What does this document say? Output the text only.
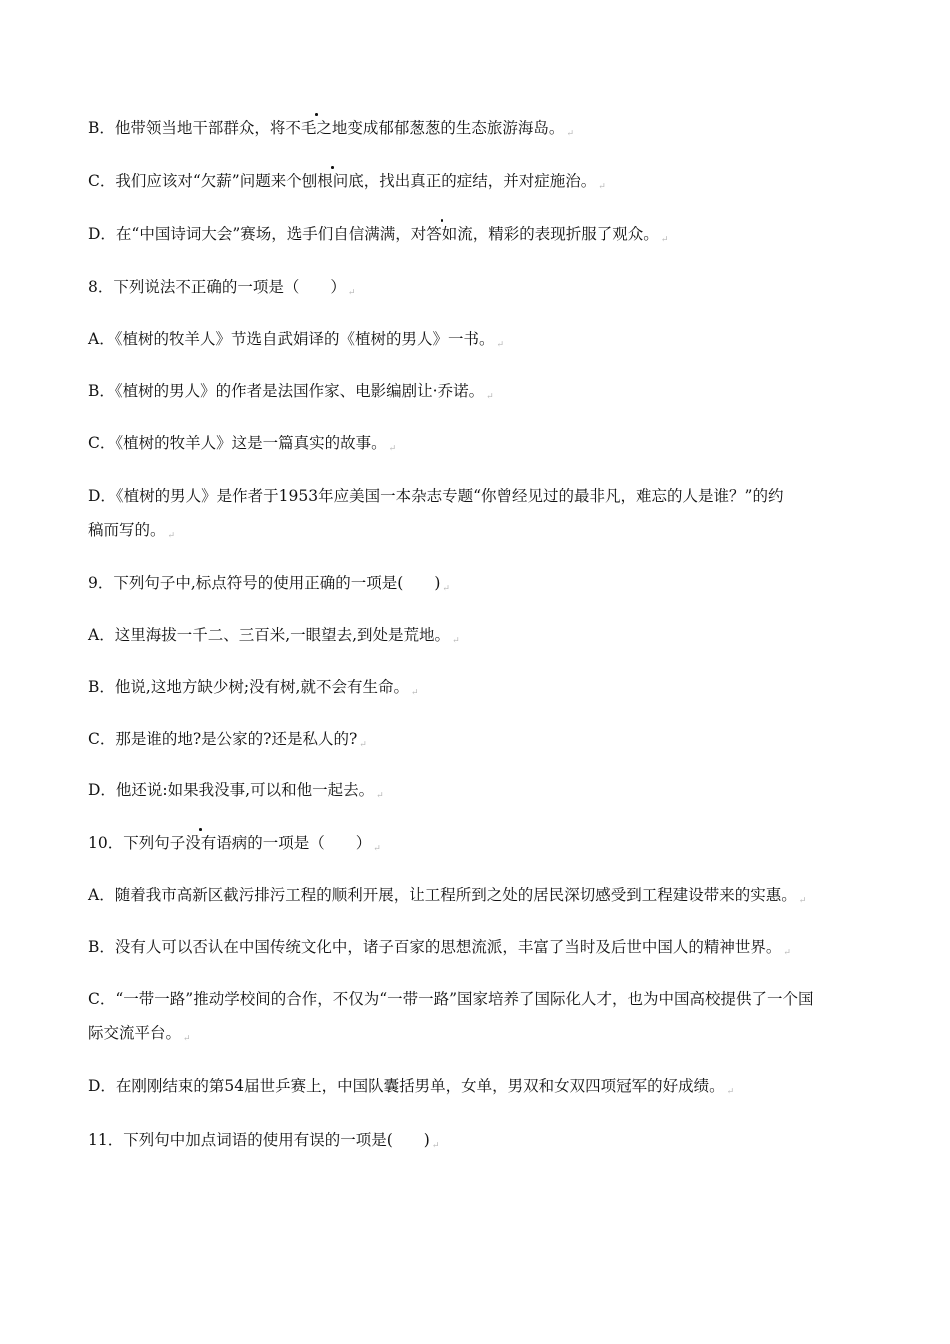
B．他带领当地干部群众，将不毛之地变成郁郁葱葱的生态旅游海岛。 ↵
C．我们应该对“欠薪”问题来个刨根问底，找出真正的症结，并对症施治。 ↵
D．在“中国诗词大会”赛场，选手们自信满满，对答如流，精彩的表现折服了观众。 ↵
8．下列说法不正确的一项是（　　） ↵
A．《植树的牧羊人》节选自武娟译的《植树的男人》一书。 ↵
B．《植树的男人》的作者是法国作家、电影编剧让·乔诺。 ↵
C．《植树的牧羊人》这是一篇真实的故事。 ↵
D．《植树的男人》是作者于1953年应美国一本杂志专题“你曾经见过的最非凡，难忘的人是谁？”的约
稿而写的。 ↵
9．下列句子中,标点符号的使用正确的一项是(　　) ↵
A．这里海拔一千二、三百米,一眼望去,到处是荒地。 ↵
B．他说,这地方缺少树;没有树,就不会有生命。 ↵
C．那是谁的地?是公家的?还是私人的? ↵
D．他还说:如果我没事,可以和他一起去。 ↵
10．下列句子没有语病的一项是（　　） ↵
A．随着我市高新区截污排污工程的顺利开展，让工程所到之处的居民深切感受到工程建设带来的实惠。 ↵
B．没有人可以否认在中国传统文化中，诸子百家的思想流派，丰富了当时及后世中国人的精神世界。 ↵
C．“一带一路”推动学校间的合作，不仅为“一带一路”国家培养了国际化人才，也为中国高校提供了一个国
际交流平台。 ↵
D．在刚刚结束的第54届世乒赛上，中国队囊括男单，女单，男双和女双四项冠军的好成绩。 ↵
11．下列句中加点词语的使用有误的一项是(　　) ↵
